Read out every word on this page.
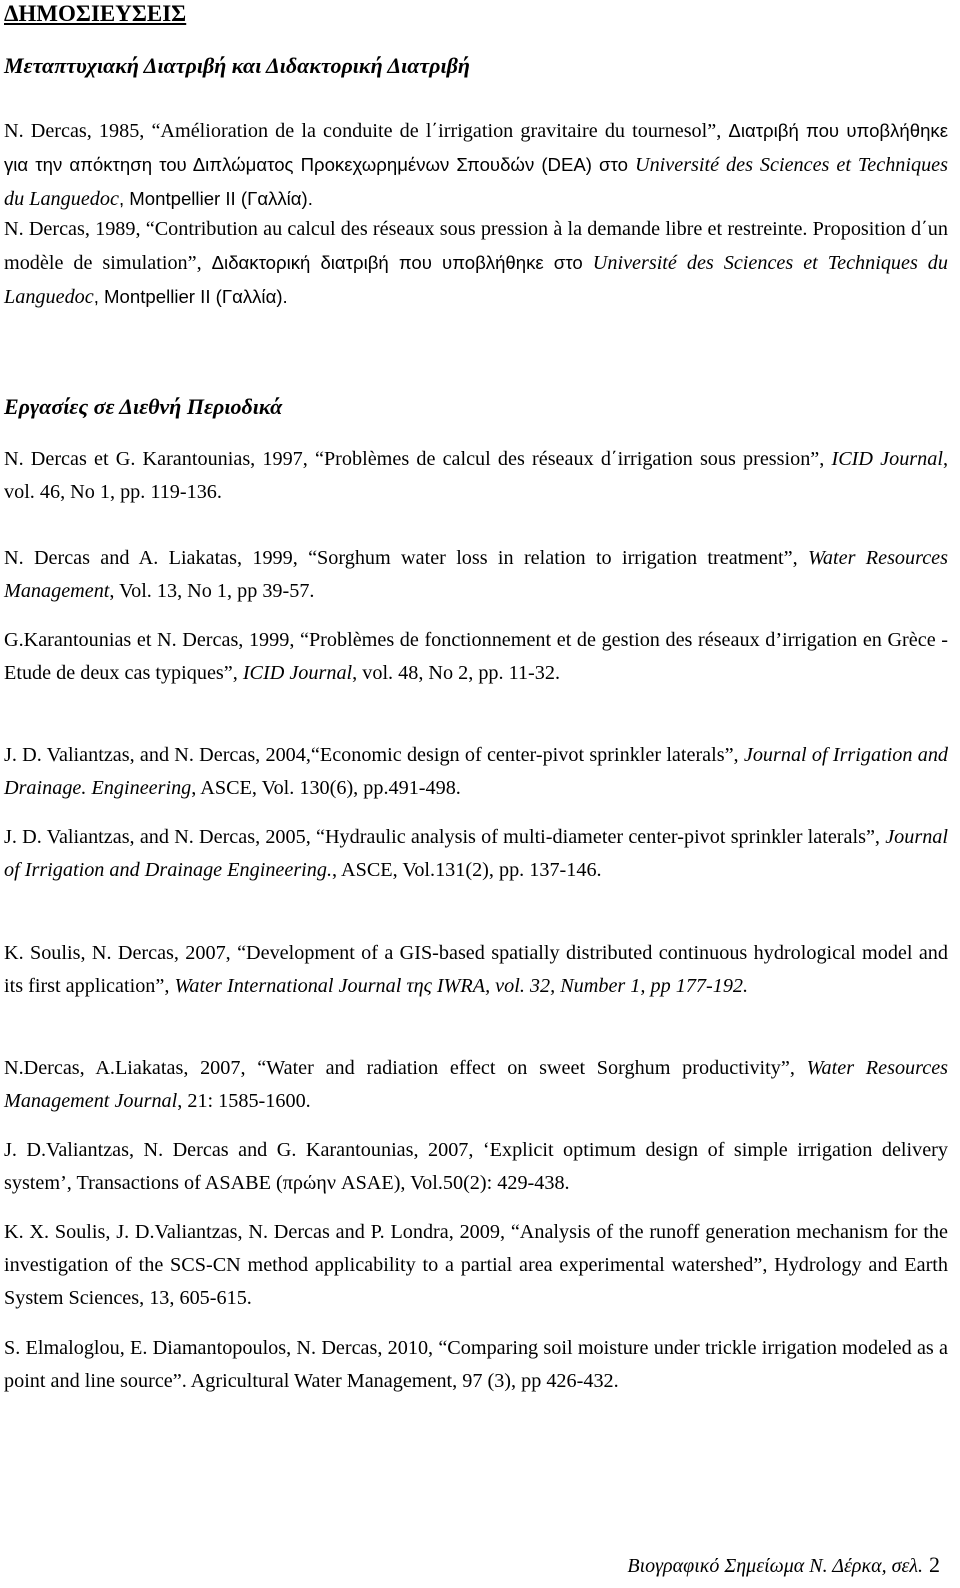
ΔΗΜΟΣΙΕΥΣΕΙΣ
Μεταπτυχιακή Διατριβή και Διδακτορική Διατριβή

N. Dercas, 1985, “Amélioration de la conduite de l΄irrigation gravitaire du tournesol”, Διατριβή που υποβλήθηκε για την απόκτηση του Διπλώματος Προκεχωρημένων Σπουδών (DEA) στο Université des Sciences et Techniques du Languedoc, Montpellier II (Γαλλία).

N. Dercas, 1989, “Contribution au calcul des réseaux sous pression à la demande libre et restreinte. Proposition d΄un modèle de simulation”, Διδακτορική διατριβή που υποβλήθηκε στο Université des Sciences et Techniques du Languedoc, Montpellier II (Γαλλία).

Εργασίες σε Διεθνή Περιοδικά

N. Dercas et G. Karantounias, 1997, “Problèmes de calcul des réseaux d΄irrigation sous pression”, ICID Journal, vol. 46, No 1, pp. 119-136.

N. Dercas and A. Liakatas, 1999, “Sorghum water loss in relation to irrigation treatment”, Water Resources Management, Vol. 13, No 1, pp 39-57.

G.Karantounias et N. Dercas, 1999, “Problèmes de fonctionnement et de gestion des réseaux d’irrigation en Grèce - Etude de deux cas typiques”, ICID Journal, vol. 48, No 2, pp. 11-32.

J. D. Valiantzas, and N. Dercas, 2004,“Economic design of center-pivot sprinkler laterals”, Journal of Irrigation and Drainage. Engineering, ASCE, Vol. 130(6), pp.491-498.

J. D. Valiantzas, and N. Dercas, 2005, “Hydraulic analysis of multi-diameter center-pivot sprinkler laterals”, Journal of Irrigation and Drainage Engineering., ASCE, Vol.131(2), pp. 137-146.

K. Soulis, N. Dercas, 2007, “Development of a GIS-based spatially distributed continuous hydrological model and its first application”, Water International Journal της IWRA, vol. 32, Number 1, pp 177-192.

N.Dercas, A.Liakatas, 2007, “Water and radiation effect on sweet Sorghum productivity”, Water Resources Management Journal, 21: 1585-1600.

J. D.Valiantzas, N. Dercas and G. Karantounias, 2007, ‘Explicit optimum design of simple irrigation delivery system’, Transactions of ASABE (πρώην ASAE), Vol.50(2): 429-438.

K. X. Soulis, J. D.Valiantzas, N. Dercas and P. Londra, 2009, “Analysis of the runoff generation mechanism for the investigation of the SCS-CN method applicability to a partial area experimental watershed”, Hydrology and Earth System Sciences, 13, 605-615.

S. Elmaloglou, E. Diamantopoulos, N. Dercas, 2010, “Comparing soil moisture under trickle irrigation modeled as a point and line source”. Agricultural Water Management, 97 (3), pp 426-432.

Βιογραφικό Σημείωμα Ν. Δέρκα, σελ. 2
